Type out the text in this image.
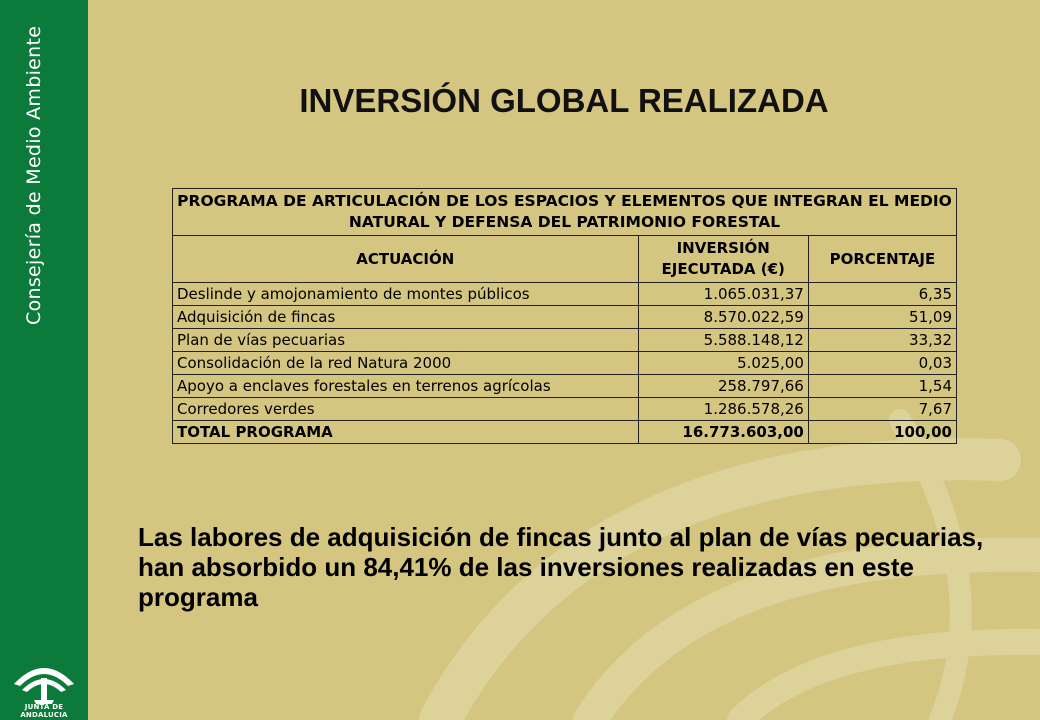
Consejería de Medio Ambiente
JUNTA DE ANDALUCIA
INVERSIÓN GLOBAL REALIZADA
PROGRAMA DE ARTICULACIÓN DE LOS ESPACIOS Y ELEMENTOS QUE INTEGRAN EL MEDIO NATURAL Y DEFENSA DEL PATRIMONIO FORESTAL		
ACTUACIÓN	INVERSIÓN EJECUTADA (€)	PORCENTAJE
Deslinde y amojonamiento de montes públicos	1.065.031,37	6,35
Adquisición de fincas	8.570.022,59	51,09
Plan de vías pecuarias	5.588.148,12	33,32
Consolidación de la red Natura 2000	5.025,00	0,03
Apoyo a enclaves forestales en terrenos agrícolas	258.797,66	1,54
Corredores verdes	1.286.578,26	7,67
TOTAL PROGRAMA	16.773.603,00	100,00

Las labores de adquisición de fincas junto al plan de vías pecuarias, han absorbido un 84,41% de las inversiones realizadas en este programa
